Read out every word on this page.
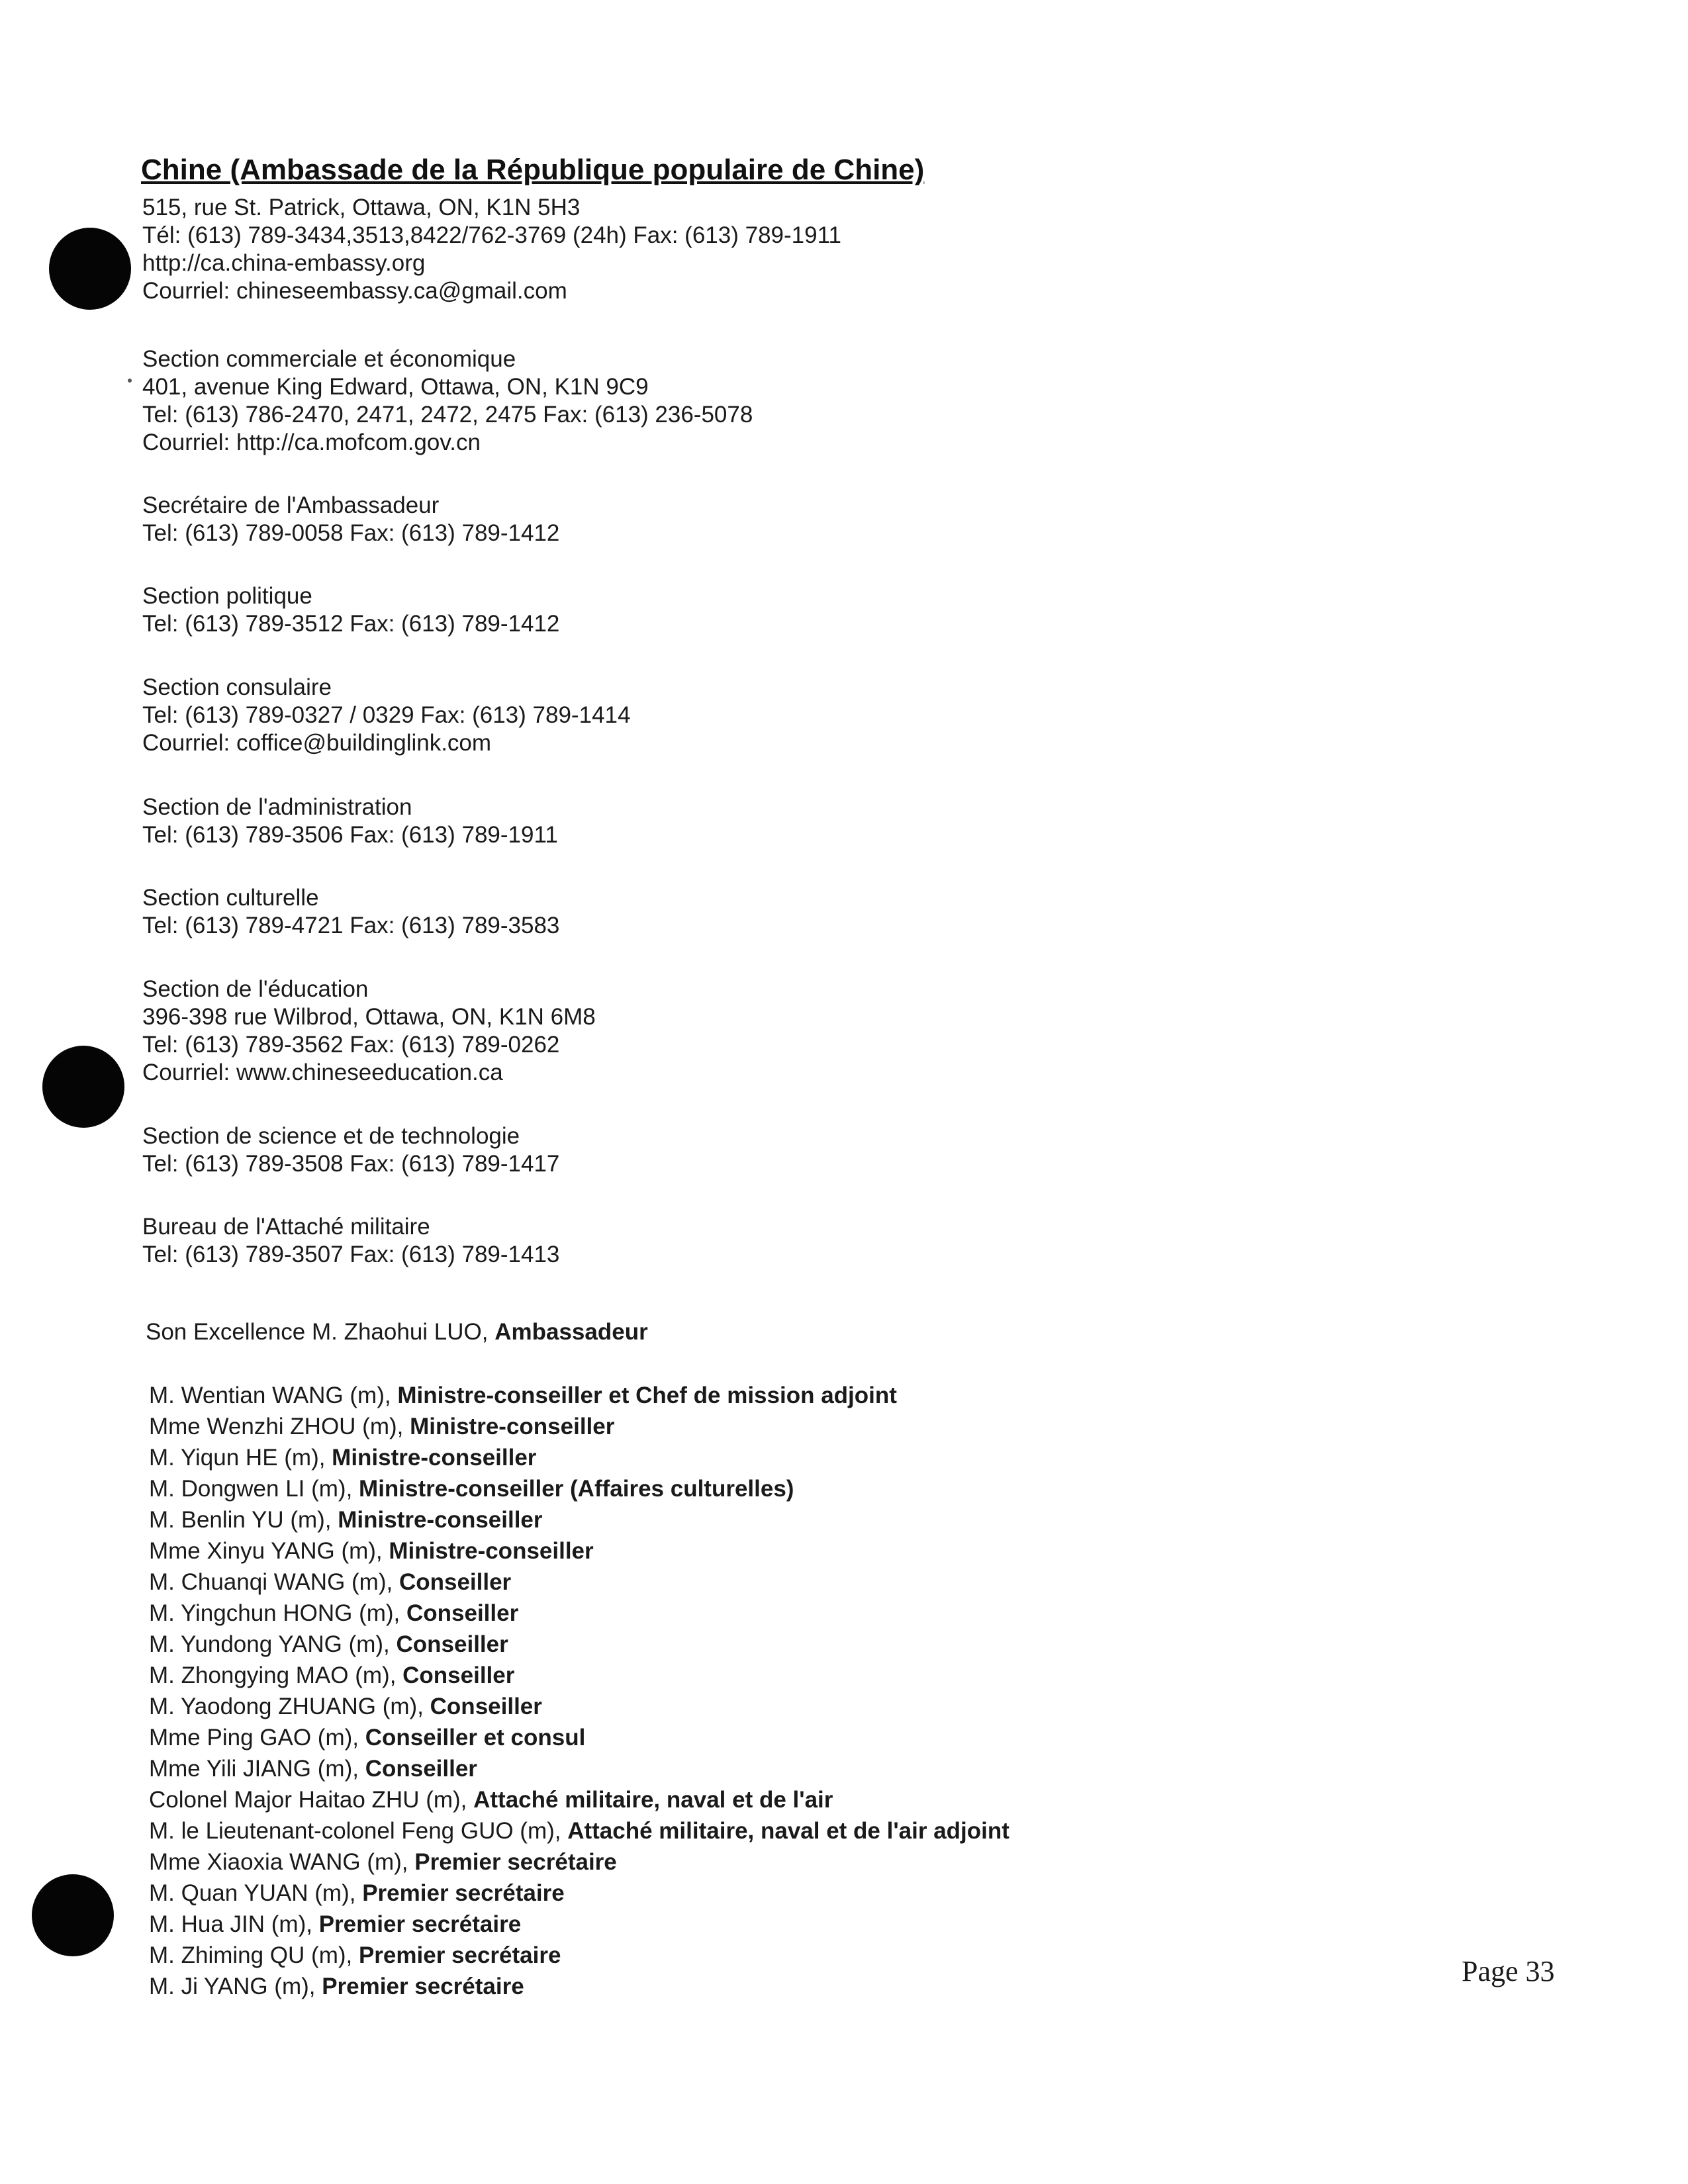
Chine (Ambassade de la République populaire de Chine)
515, rue St. Patrick, Ottawa, ON, K1N 5H3
Tél: (613) 789-3434,3513,8422/762-3769 (24h) Fax: (613) 789-1911
http://ca.china-embassy.org
Courriel: chineseembassy.ca@gmail.com
Section commerciale et économique
401, avenue King Edward, Ottawa, ON, K1N 9C9
Tel: (613) 786-2470, 2471, 2472, 2475 Fax: (613) 236-5078
Courriel: http://ca.mofcom.gov.cn
Secrétaire de l'Ambassadeur
Tel: (613) 789-0058 Fax: (613) 789-1412
Section politique
Tel: (613) 789-3512 Fax: (613) 789-1412
Section consulaire
Tel: (613) 789-0327 / 0329 Fax: (613) 789-1414
Courriel: coffice@buildinglink.com
Section de l'administration
Tel: (613) 789-3506 Fax: (613) 789-1911
Section culturelle
Tel: (613) 789-4721 Fax: (613) 789-3583
Section de l'éducation
396-398 rue Wilbrod, Ottawa, ON, K1N 6M8
Tel: (613) 789-3562 Fax: (613) 789-0262
Courriel: www.chineseeducation.ca
Section de science et de technologie
Tel: (613) 789-3508 Fax: (613) 789-1417
Bureau de l'Attaché militaire
Tel: (613) 789-3507 Fax: (613) 789-1413
Son Excellence M. Zhaohui LUO, Ambassadeur
M. Wentian WANG (m), Ministre-conseiller et Chef de mission adjoint
Mme Wenzhi ZHOU (m), Ministre-conseiller
M. Yiqun HE (m), Ministre-conseiller
M. Dongwen LI (m), Ministre-conseiller (Affaires culturelles)
M. Benlin YU (m), Ministre-conseiller
Mme Xinyu YANG (m), Ministre-conseiller
M. Chuanqi WANG (m), Conseiller
M. Yingchun HONG (m), Conseiller
M. Yundong YANG (m), Conseiller
M. Zhongying MAO (m), Conseiller
M. Yaodong ZHUANG (m), Conseiller
Mme Ping GAO (m), Conseiller et consul
Mme Yili JIANG (m), Conseiller
Colonel Major Haitao ZHU (m), Attaché militaire, naval et de l'air
M. le Lieutenant-colonel Feng GUO (m), Attaché militaire, naval et de l'air adjoint
Mme Xiaoxia WANG (m), Premier secrétaire
M. Quan YUAN (m), Premier secrétaire
M. Hua JIN (m), Premier secrétaire
M. Zhiming QU (m), Premier secrétaire
M. Ji YANG (m), Premier secrétaire	Page 33
